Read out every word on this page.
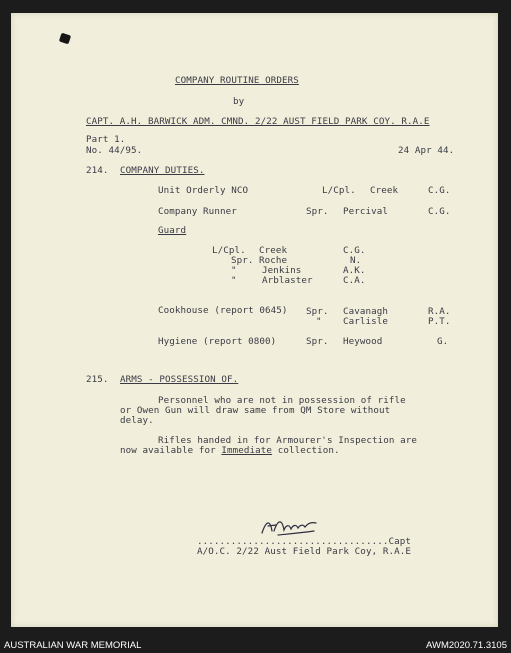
COMPANY ROUTINE ORDERS
by
CAPT. A.H. BARWICK ADM. CMND. 2/22 AUST FIELD PARK COY. R.A.E
Part 1.
No. 44/95.	24 Apr 44.
214. COMPANY DUTIES.
Unit Orderly NCO	L/Cpl. Creek	C.G.
Company Runner	Spr. Percival	C.G.
Guard
L/Cpl. Creek	C.G.
Spr. Roche	N.
"	Jenkins	A.K.
"	Arblaster	C.A.
Cookhouse (report 0645) Spr. Cavanagh	R.A.
" Carlisle	P.T.
Hygiene (report 0800)	Spr. Heywood	G.
215. ARMS - POSSESSION OF.
Personnel who are not in possession of rifle
or Owen Gun will draw same from QM Store without
delay.
Rifles handed in for Armourer's Inspection are
now available for Immediate collection.
..................................Capt
A/O.C. 2/22 Aust Field Park Coy, R.A.E
AUSTRALIAN WAR MEMORIAL	AWM2020.71.3105
